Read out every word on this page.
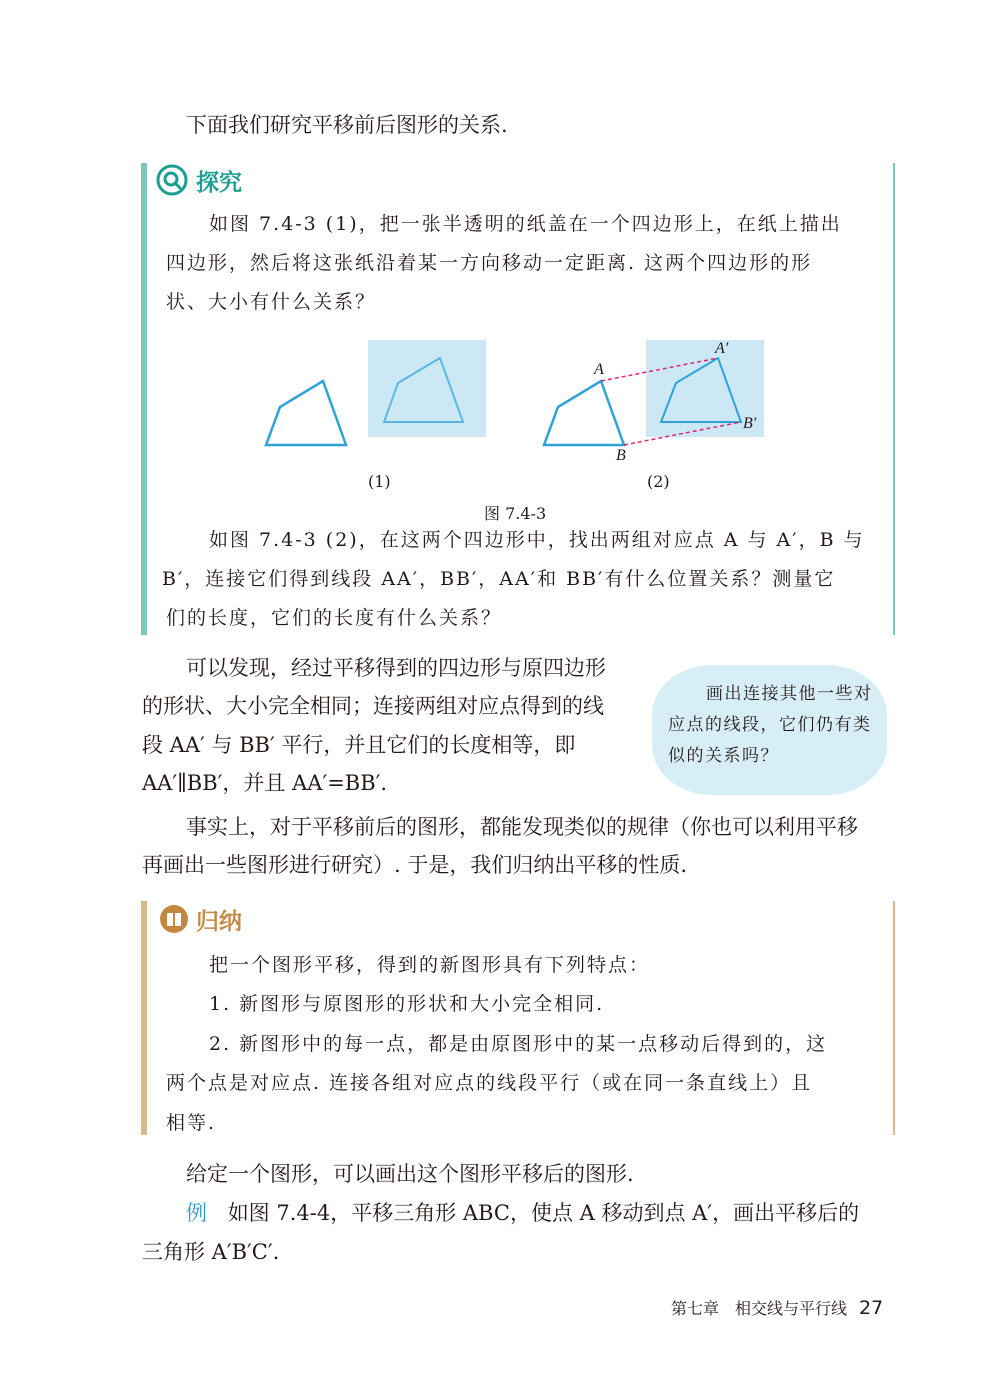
下面我们研究平移前后图形的关系.
探究
如图 7.4-3 (1)，把一张半透明的纸盖在一个四边形上，在纸上描出
四边形，然后将这张纸沿着某一方向移动一定距离. 这两个四边形的形
状、大小有什么关系？
A
A′
B
B′
(1)	(2)
图 7.4-3
如图 7.4-3 (2)，在这两个四边形中，找出两组对应点 A 与 A′，B 与
B′，连接它们得到线段 AA′，BB′，AA′和 BB′有什么位置关系？测量它
们的长度，它们的长度有什么关系？
可以发现，经过平移得到的四边形与原四边形
的形状、大小完全相同；连接两组对应点得到的线
段 AA′ 与 BB′ 平行，并且它们的长度相等，即
AA′∥BB′，并且 AA′=BB′.
画出连接其他一些对
应点的线段，它们仍有类
似的关系吗？
事实上，对于平移前后的图形，都能发现类似的规律（你也可以利用平移
再画出一些图形进行研究）. 于是，我们归纳出平移的性质.
归纳
把一个图形平移，得到的新图形具有下列特点：
1. 新图形与原图形的形状和大小完全相同.
2. 新图形中的每一点，都是由原图形中的某一点移动后得到的，这
两个点是对应点. 连接各组对应点的线段平行（或在同一条直线上）且
相等.
给定一个图形，可以画出这个图形平移后的图形.
例 如图 7.4-4，平移三角形 ABC，使点 A 移动到点 A′，画出平移后的
三角形 A′B′C′.
第七章　相交线与平行线 27
